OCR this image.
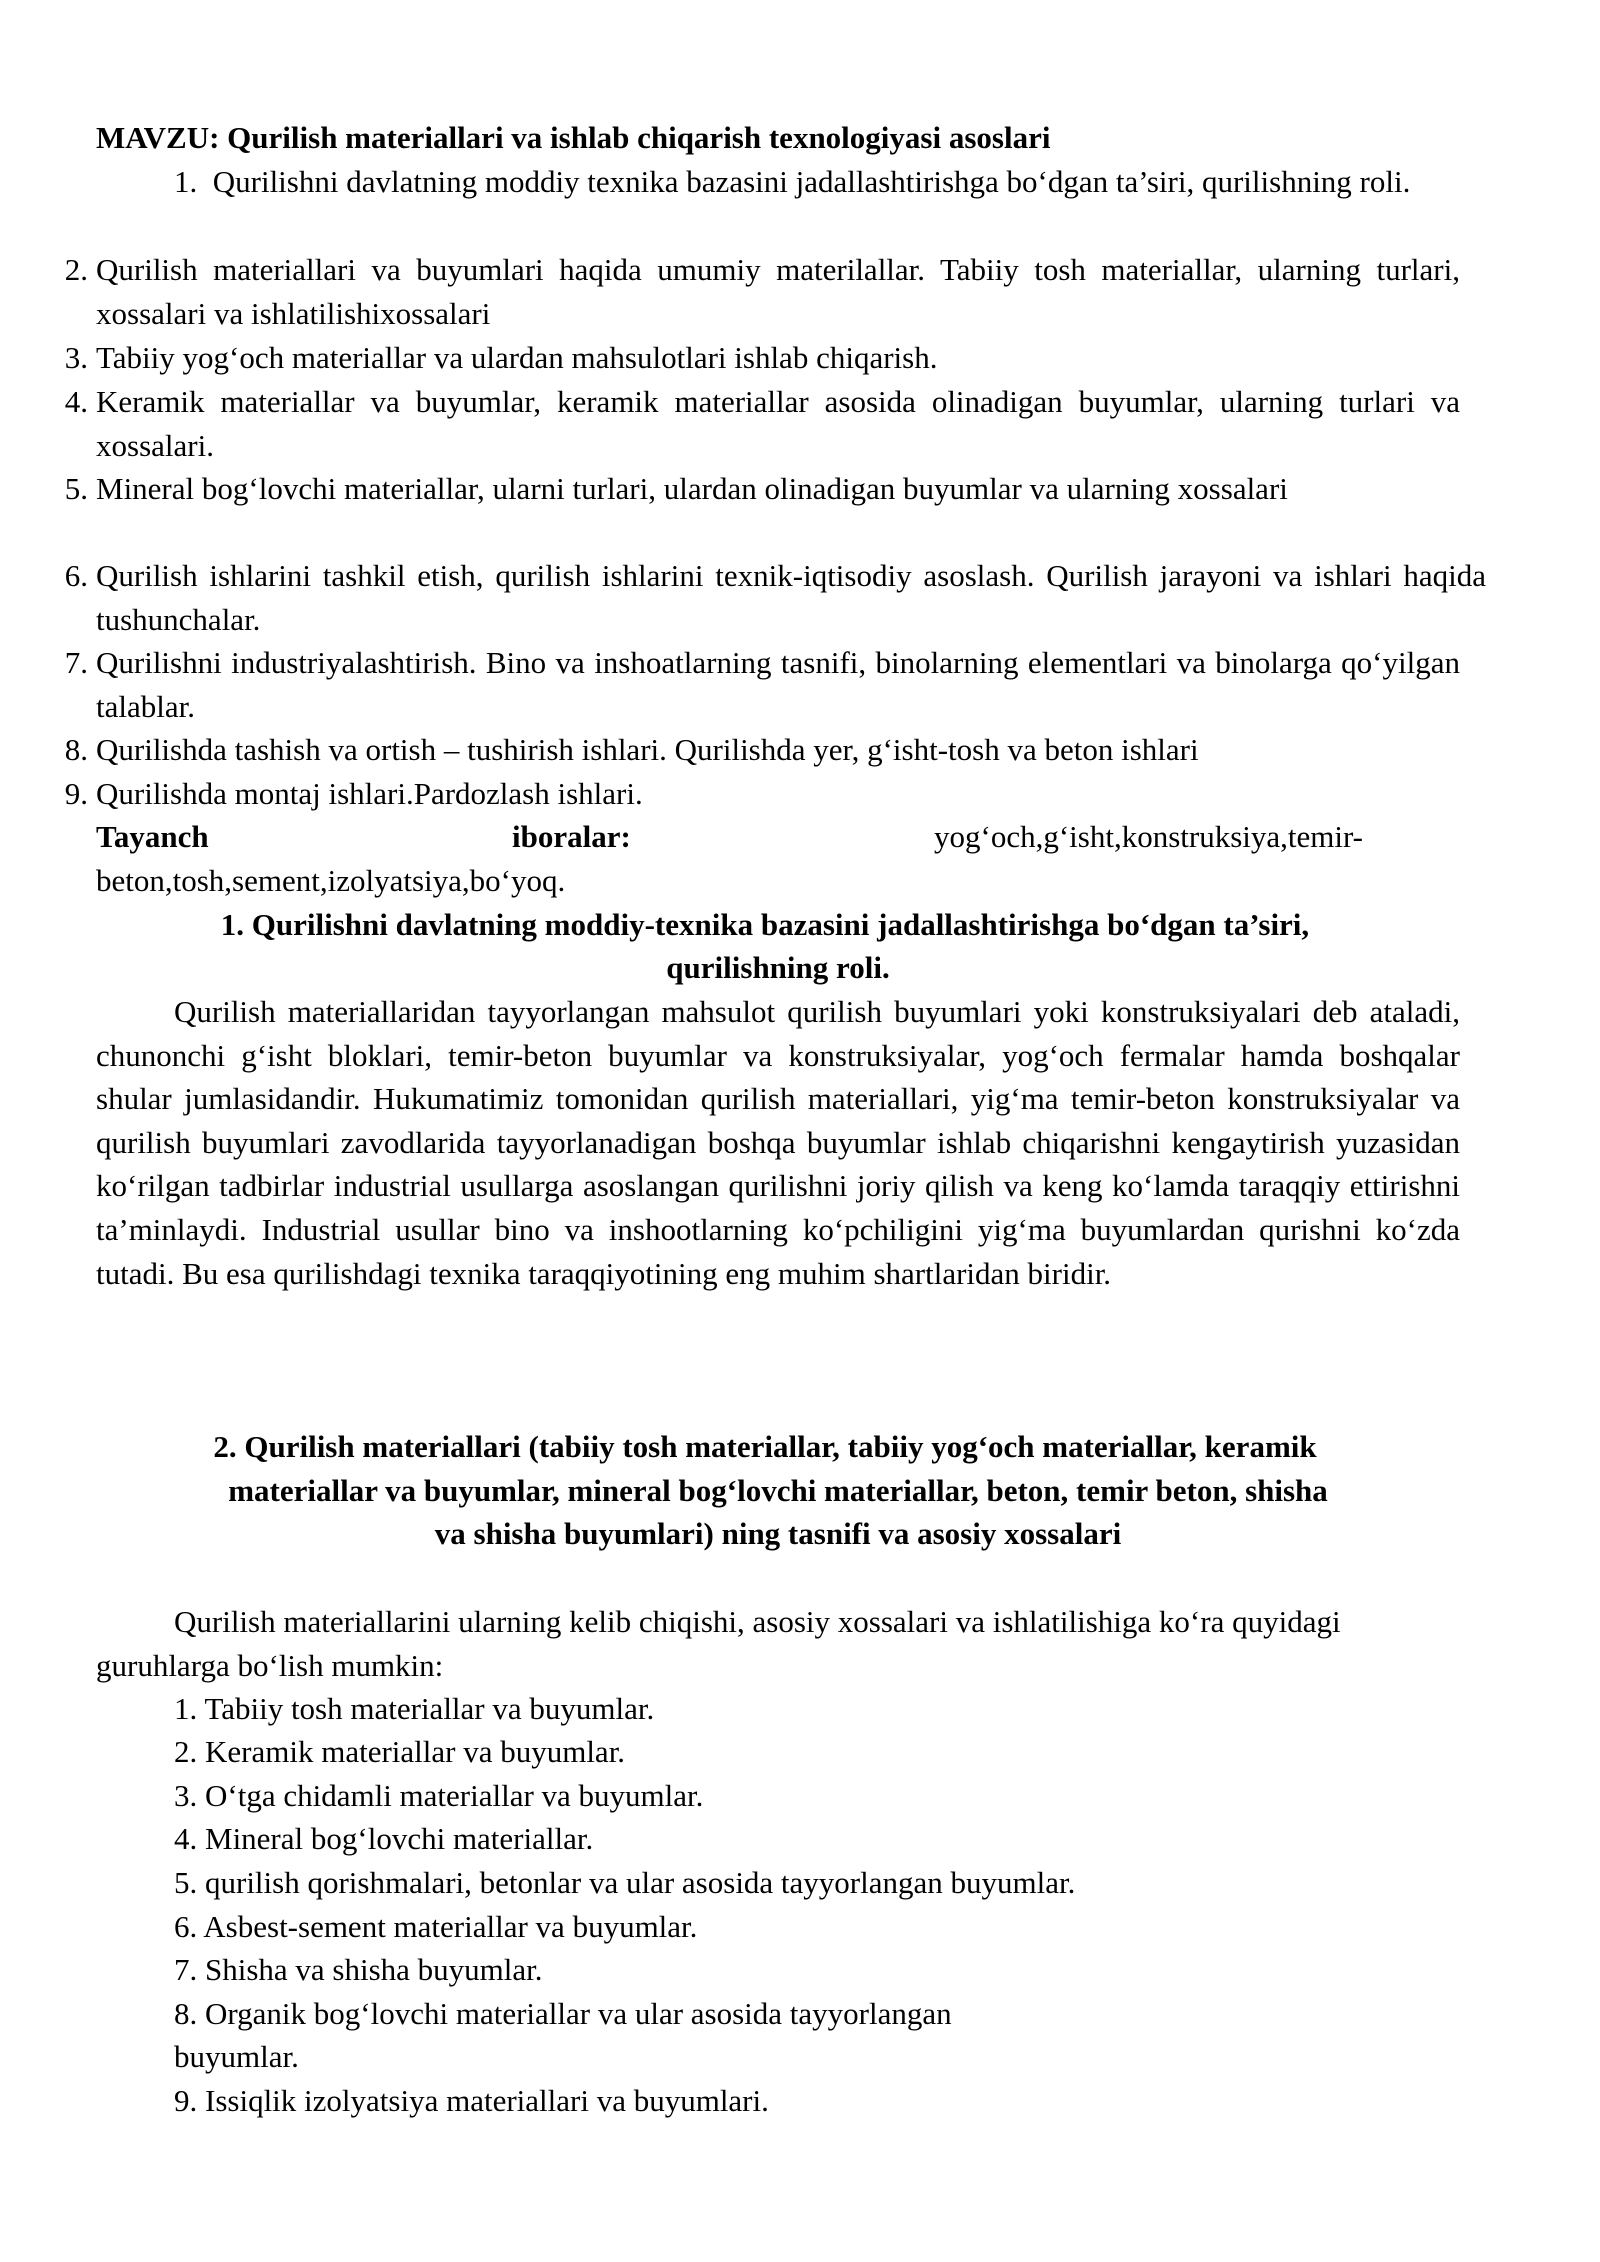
MAVZU: Qurilish materiallari va ishlab chiqarish texnologiyasi asoslari
1. Qurilishni davlatning moddiy texnika bazasini jadallashtirishga bo‘dgan ta’siri, qurilishning roli.
2. Qurilish materiallari va buyumlari haqida umumiy materilallar. Tabiiy tosh materiallar, ularning turlari, xossalari va ishlatilishixossalari
3. Tabiiy yog‘och materiallar va ulardan mahsulotlari ishlab chiqarish.
4. Keramik materiallar va buyumlar, keramik materiallar asosida olinadigan buyumlar, ularning turlari va xossalari.
5. Mineral bog‘lovchi materiallar, ularni turlari, ulardan olinadigan buyumlar va ularning xossalari
6. Qurilish ishlarini tashkil etish, qurilish ishlarini texnik-iqtisodiy asoslash. Qurilish jarayoni va ishlari haqida tushunchalar.
7. Qurilishni industriyalashtirish. Bino va inshoatlarning tasnifi, binolarning elementlari va binolarga qo‘yilgan talablar.
8. Qurilishda tashish va ortish – tushirish ishlari. Qurilishda yer, g‘isht-tosh va beton ishlari
9. Qurilishda montaj ishlari.Pardozlash ishlari.
Tayanch	iboralar:	yog‘och,g‘isht,konstruksiya,temir-beton,tosh,sement,izolyatsiya,bo‘yoq.
1. Qurilishni davlatning moddiy-texnika bazasini jadallashtirishga bo‘dgan ta’siri,
qurilishning roli.
Qurilish materiallaridan tayyorlangan mahsulot qurilish buyumlari yoki konstruksiyalari deb ataladi, chunonchi g‘isht bloklari, temir-beton buyumlar va konstruksiyalar, yog‘och fermalar hamda boshqalar shular jumlasidandir. Hukumatimiz tomonidan qurilish materiallari, yig‘ma temir-beton konstruksiyalar va qurilish buyumlari zavodlarida tayyorlanadigan boshqa buyumlar ishlab chiqarishni kengaytirish yuzasidan ko‘rilgan tadbirlar industrial usullarga asoslangan qurilishni joriy qilish va keng ko‘lamda taraqqiy ettirishni ta’minlaydi. Industrial usullar bino va inshootlarning ko‘pchiligini yig‘ma buyumlardan qurishni ko‘zda tutadi. Bu esa qurilishdagi texnika taraqqiyotining eng muhim shartlaridan biridir.
2. Qurilish materiallari (tabiiy tosh materiallar, tabiiy yog‘och materiallar, keramik
materiallar va buyumlar, mineral bog‘lovchi materiallar, beton, temir beton, shisha
va shisha buyumlari) ning tasnifi va asosiy xossalari
Qurilish materiallarini ularning kelib chiqishi, asosiy xossalari va ishlatilishiga ko‘ra quyidagi guruhlarga bo‘lish mumkin:
1. Tabiiy tosh materiallar va buyumlar.
2. Keramik materiallar va buyumlar.
3. O‘tga chidamli materiallar va buyumlar.
4. Mineral bog‘lovchi materiallar.
5. qurilish qorishmalari, betonlar va ular asosida tayyorlangan buyumlar.
6. Asbest-sement materiallar va buyumlar.
7. Shisha va shisha buyumlar.
8. Organik bog‘lovchi materiallar va ular asosida tayyorlangan
buyumlar.
9. Issiqlik izolyatsiya materiallari va buyumlari.
